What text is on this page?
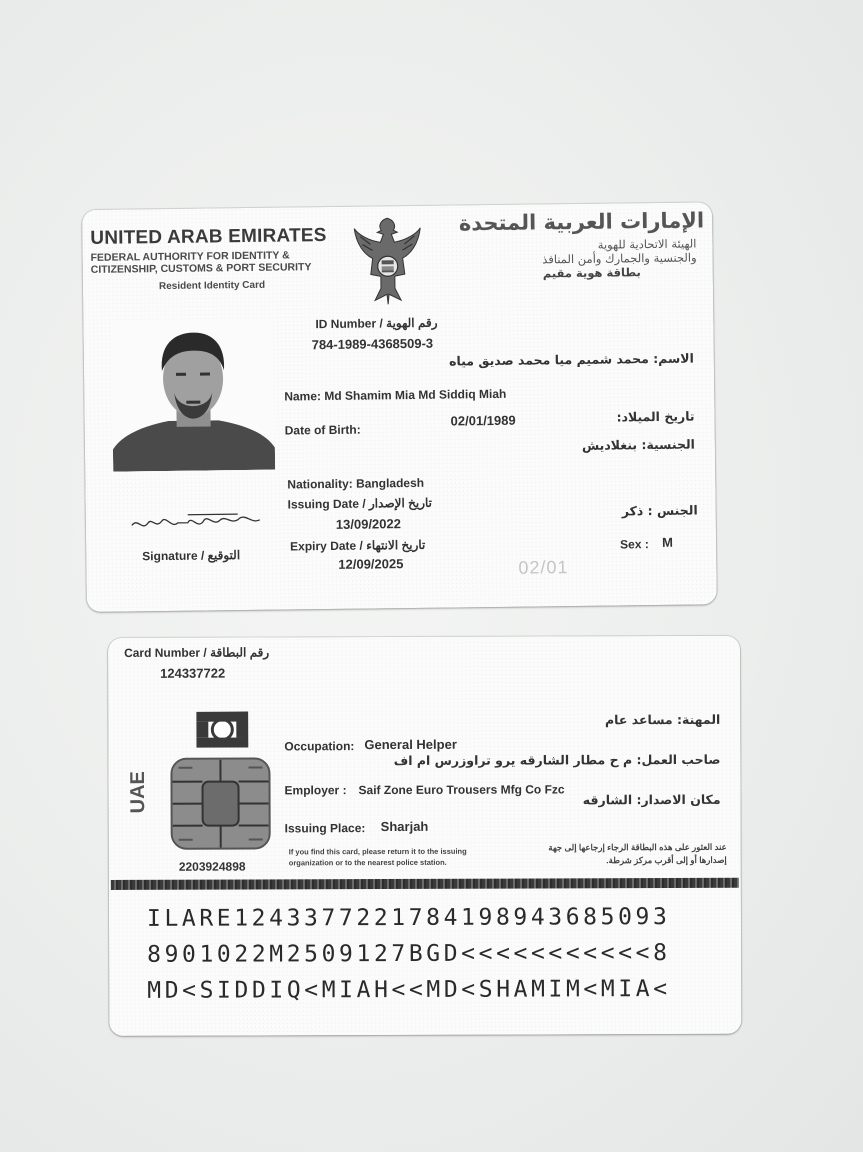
UNITED ARAB EMIRATES
FEDERAL AUTHORITY FOR IDENTITY &
CITIZENSHIP, CUSTOMS & PORT SECURITY
Resident Identity Card
الإمارات العربية المتحدة
الهيئة الاتحادية للهوية
والجنسية والجمارك وأمن المنافذ
بطاقة هوية مقيم
ID Number / رقم الهوية
784-1989-4368509-3
الاسم: محمد شميم ميا محمد صديق مياه
Name: Md Shamim Mia Md Siddiq Miah
Date of Birth:
02/01/1989	تاريخ الميلاد:
الجنسية: بنغلاديش
Nationality: Bangladesh
Issuing Date / تاريخ الإصدار
13/09/2022
Expiry Date / تاريخ الانتهاء
12/09/2025
Signature / التوقيع
الجنس : ذكر
Sex : M
02/01
Card Number / رقم البطاقة
124337722
UAE
2203924898
المهنة: مساعد عام
Occupation: General Helper
صاحب العمل: م ح مطار الشارقه يرو تراوزرس ام اف
Employer : Saif Zone Euro Trousers Mfg Co Fzc
مكان الاصدار: الشارقه
Issuing Place: Sharjah
If you find this card, please return it to the issuing
organization or to the nearest police station.
عند العثور على هذه البطاقة الرجاء إرجاعها إلى جهة
إصدارها أو إلى أقرب مركز شرطة.
ILARE1243377221784198943685093
8901022M2509127BGD<<<<<<<<<<<8
MD<SIDDIQ<MIAH<<MD<SHAMIM<MIA<
